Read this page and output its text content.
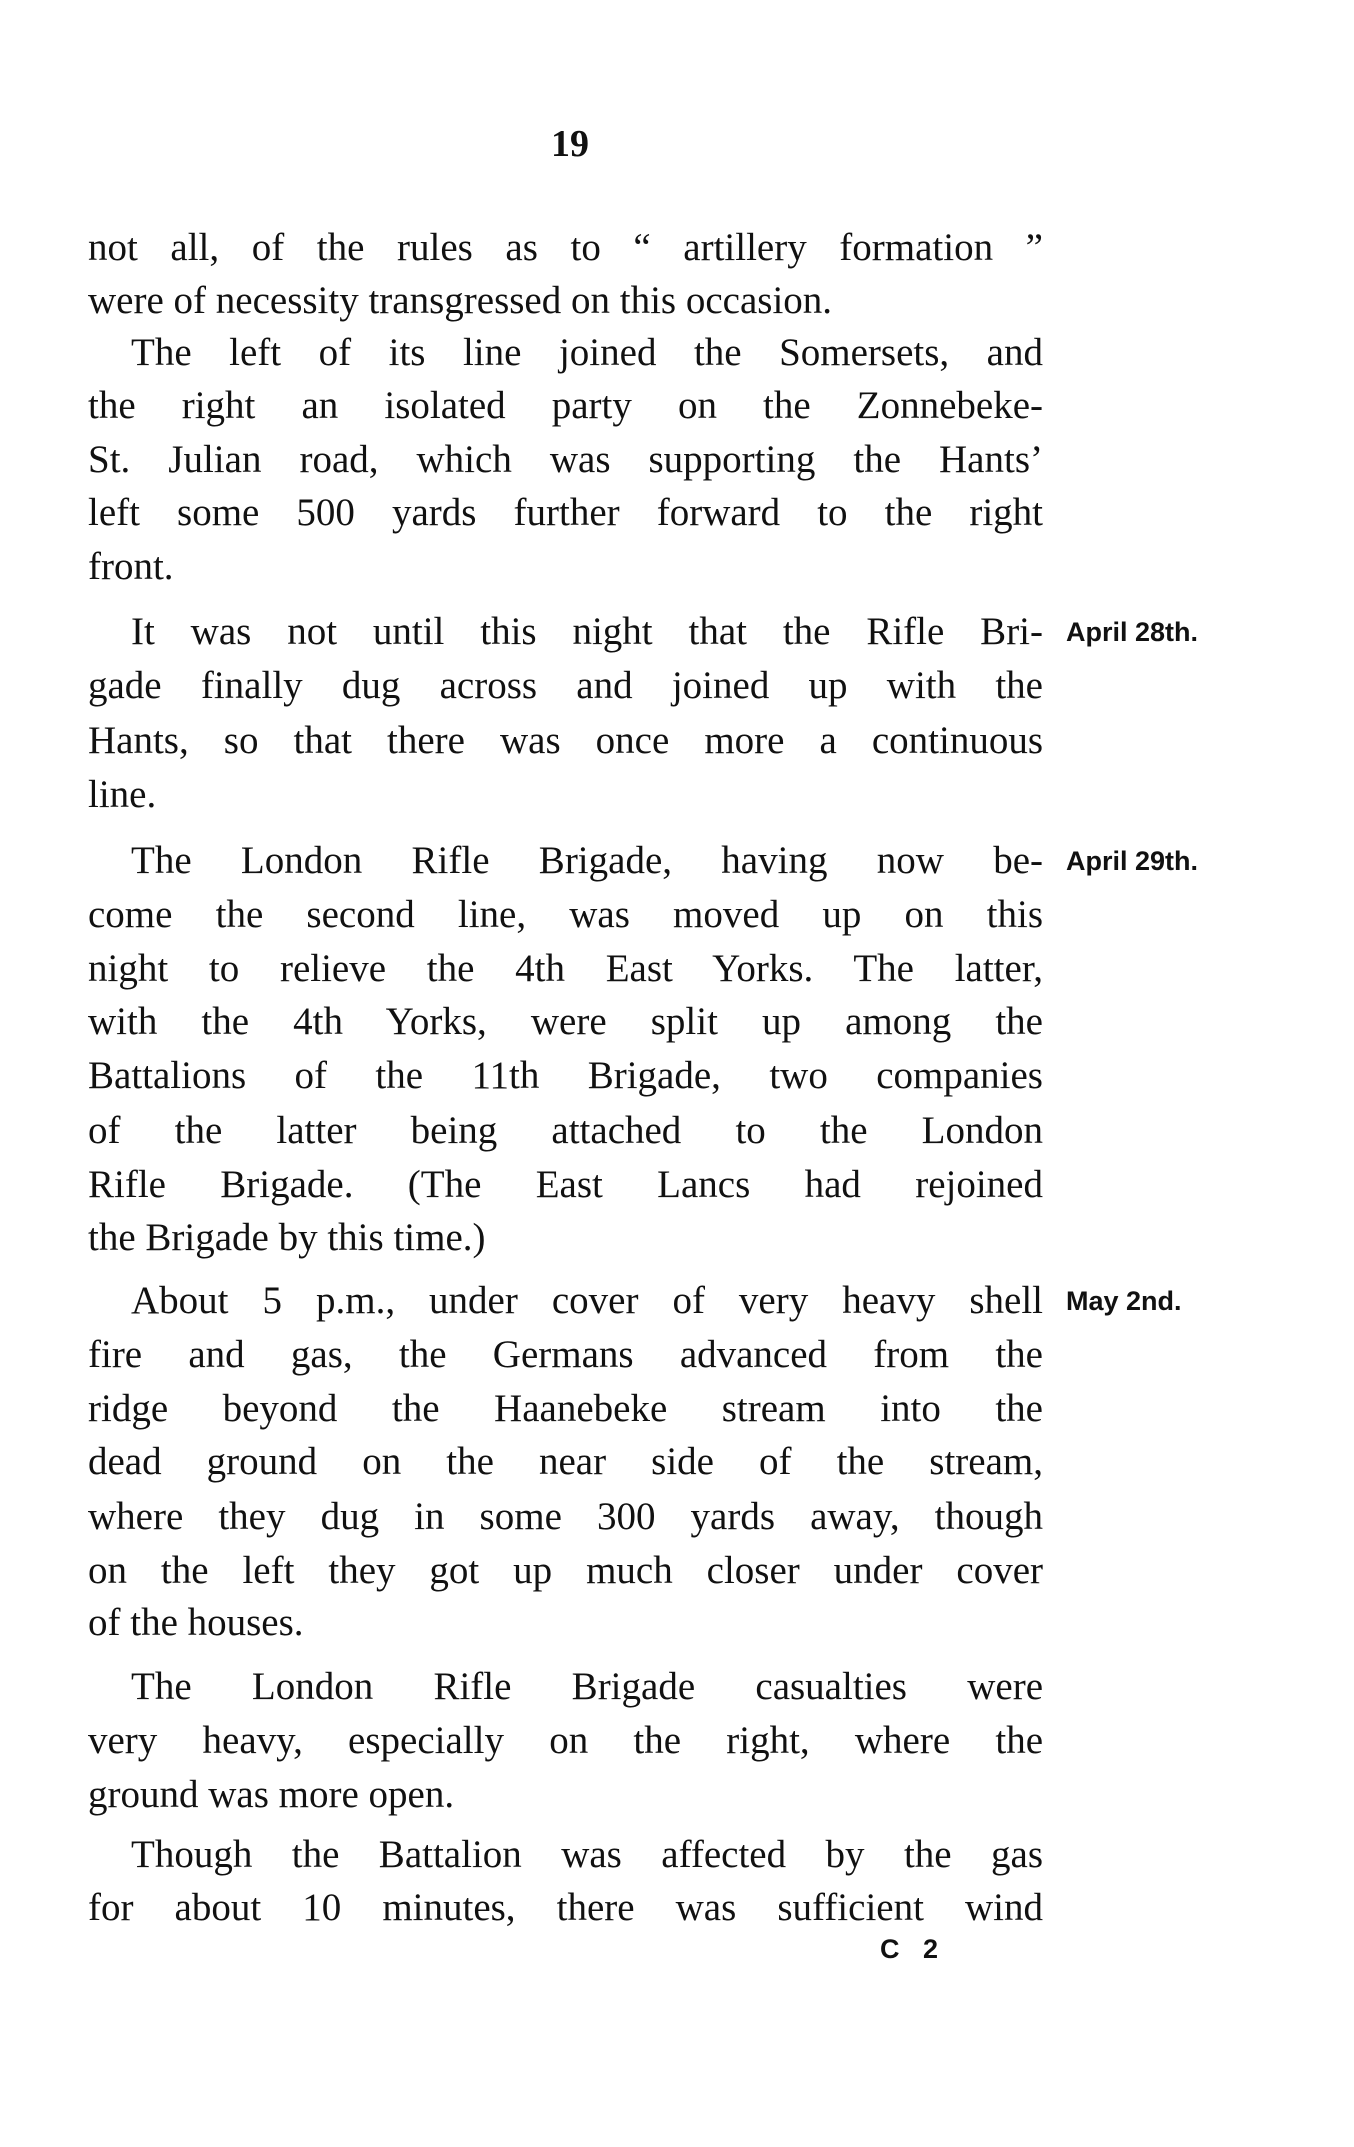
19
not all, of the rules as to “ artillery formation ”
were of necessity transgressed on this occasion.
The left of its line joined the Somersets, and
the right an isolated party on the Zonnebeke-
St. Julian road, which was supporting the Hants’
left some 500 yards further forward to the right
front.
It was not until this night that the Rifle Bri- April 28th.
gade finally dug across and joined up with the
Hants, so that there was once more a continuous
line.
The London Rifle Brigade, having now be- April 29th.
come the second line, was moved up on this
night to relieve the 4th East Yorks. The latter,
with the 4th Yorks, were split up among the
Battalions of the 11th Brigade, two companies
of the latter being attached to the London
Rifle Brigade. (The East Lancs had rejoined
the Brigade by this time.)
About 5 p.m., under cover of very heavy shell May 2nd.
fire and gas, the Germans advanced from the
ridge beyond the Haanebeke stream into the
dead ground on the near side of the stream,
where they dug in some 300 yards away, though
on the left they got up much closer under cover
of the houses.
The London Rifle Brigade casualties were
very heavy, especially on the right, where the
ground was more open.
Though the Battalion was affected by the gas
for about 10 minutes, there was sufficient wind
C 2
